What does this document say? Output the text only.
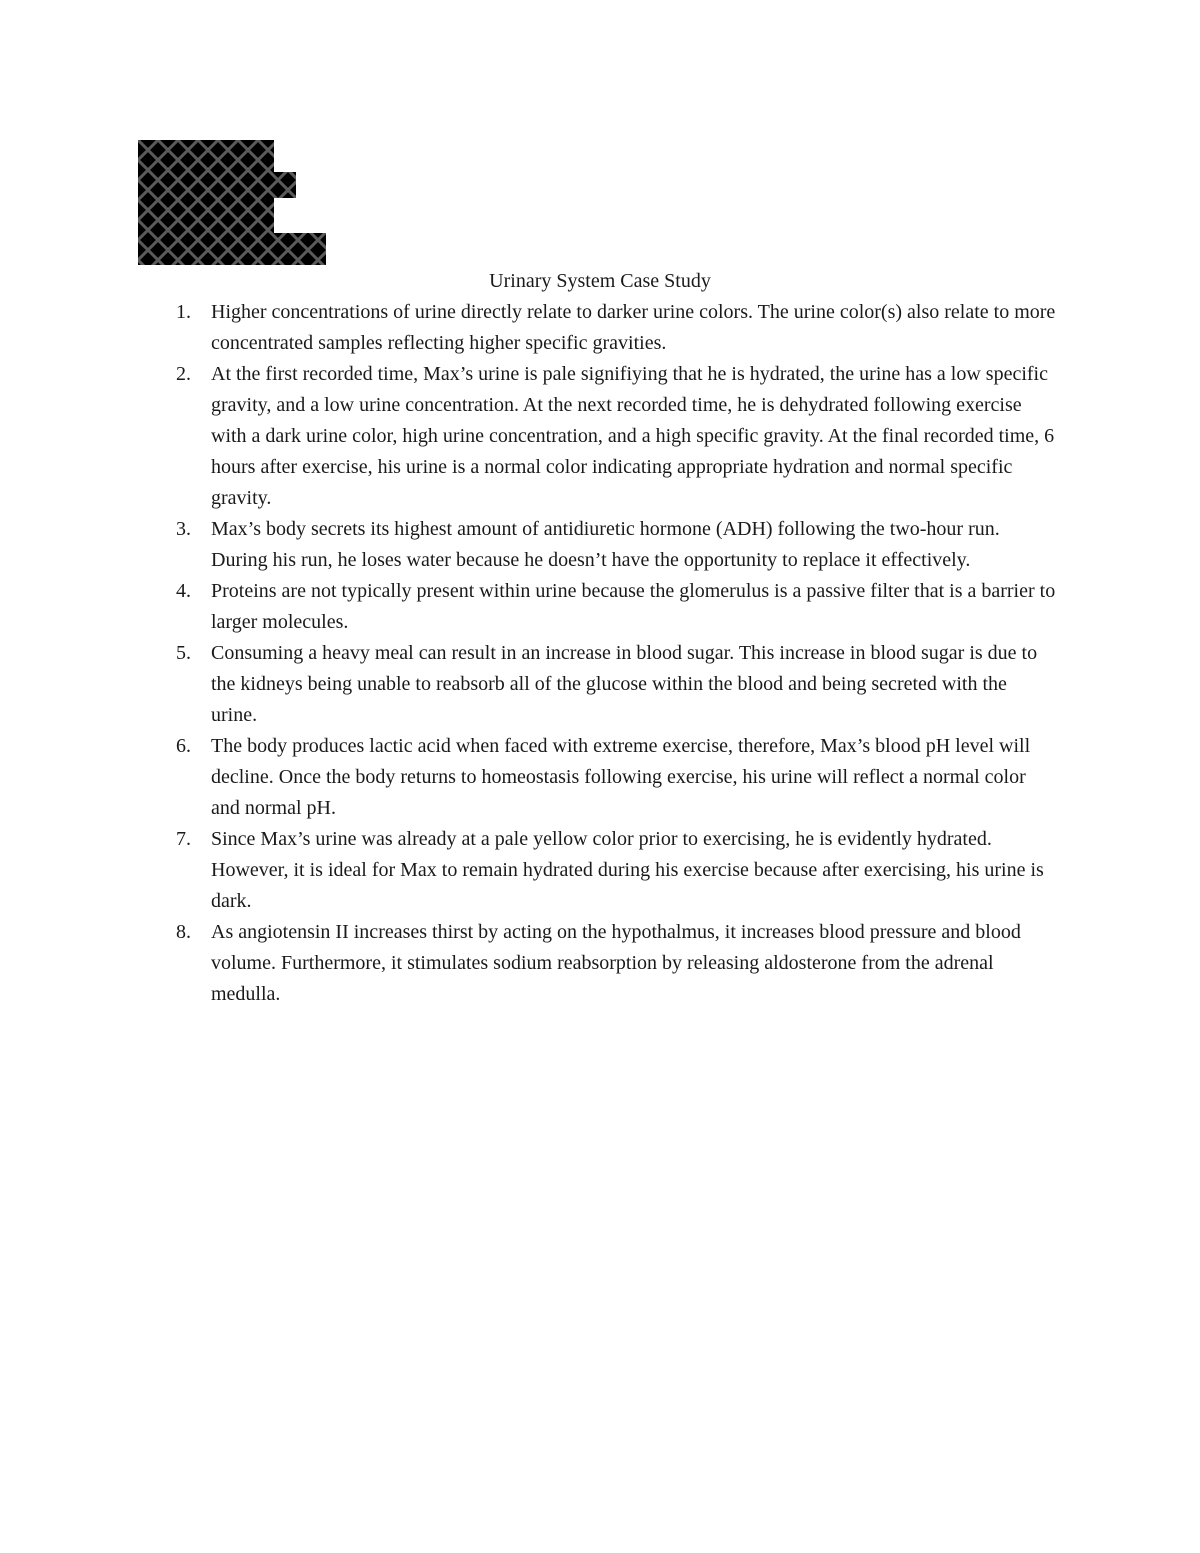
Urinary System Case Study
1. Higher concentrations of urine directly relate to darker urine colors. The urine color(s) also relate to more concentrated samples reflecting higher specific gravities.
2. At the first recorded time, Max’s urine is pale signifiying that he is hydrated, the urine has a low specific gravity, and a low urine concentration. At the next recorded time, he is dehydrated following exercise with a dark urine color, high urine concentration, and a high specific gravity. At the final recorded time, 6 hours after exercise, his urine is a normal color indicating appropriate hydration and normal specific gravity.
3. Max’s body secrets its highest amount of antidiuretic hormone (ADH) following the two-hour run. During his run, he loses water because he doesn’t have the opportunity to replace it effectively.
4. Proteins are not typically present within urine because the glomerulus is a passive filter that is a barrier to larger molecules.
5. Consuming a heavy meal can result in an increase in blood sugar. This increase in blood sugar is due to the kidneys being unable to reabsorb all of the glucose within the blood and being secreted with the urine.
6. The body produces lactic acid when faced with extreme exercise, therefore, Max’s blood pH level will decline. Once the body returns to homeostasis following exercise, his urine will reflect a normal color and normal pH.
7. Since Max’s urine was already at a pale yellow color prior to exercising, he is evidently hydrated. However, it is ideal for Max to remain hydrated during his exercise because after exercising, his urine is dark.
8. As angiotensin II increases thirst by acting on the hypothalmus, it increases blood pressure and blood volume. Furthermore, it stimulates sodium reabsorption by releasing aldosterone from the adrenal medulla.
